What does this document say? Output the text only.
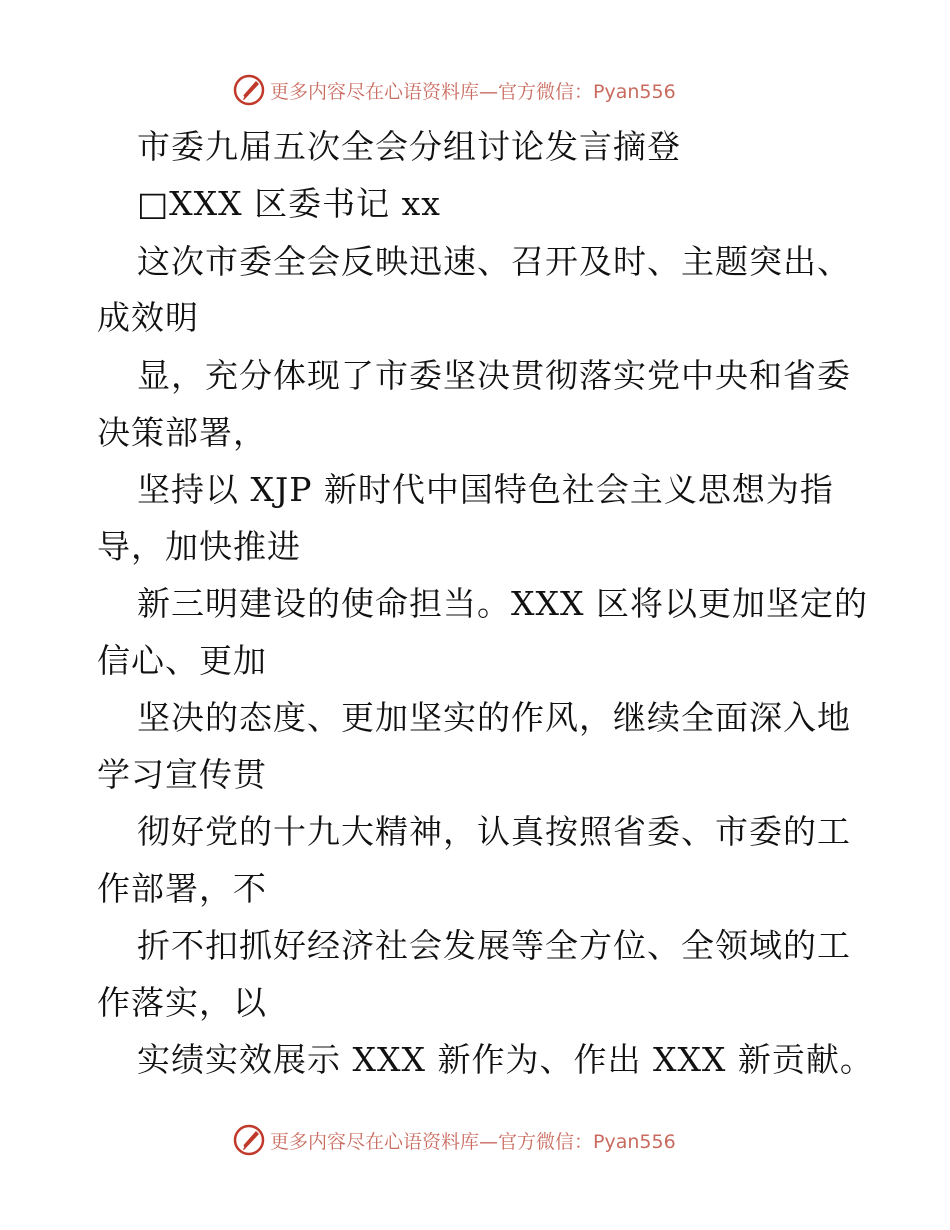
更多内容尽在心语资料库—官方微信：Pyan556
市委九届五次全会分组讨论发言摘登
□XXX 区委书记 xx
这次市委全会反映迅速、召开及时、主题突出、
成效明
显，充分体现了市委坚决贯彻落实党中央和省委
决策部署，
坚持以 XJP 新时代中国特色社会主义思想为指
导，加快推进
新三明建设的使命担当。XXX 区将以更加坚定的
信心、更加
坚决的态度、更加坚实的作风，继续全面深入地
学习宣传贯
彻好党的十九大精神，认真按照省委、市委的工
作部署，不
折不扣抓好经济社会发展等全方位、全领域的工
作落实，以
实绩实效展示 XXX 新作为、作出 XXX 新贡献。
更多内容尽在心语资料库—官方微信：Pyan556
